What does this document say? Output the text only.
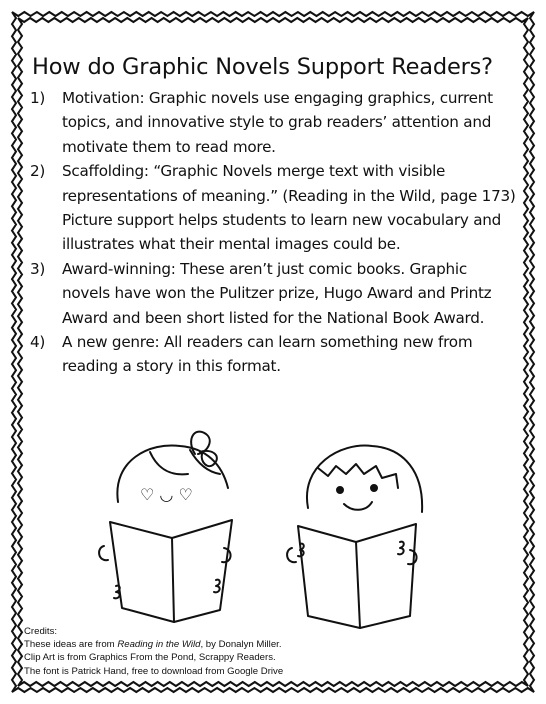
How do Graphic Novels Support Readers?
1) Motivation: Graphic novels use engaging graphics, current topics, and innovative style to grab readers’ attention and motivate them to read more.
2) Scaffolding: “Graphic Novels merge text with visible representations of meaning.” (Reading in the Wild, page 173) Picture support helps students to learn new vocabulary and illustrates what their mental images could be.
3) Award-winning: These aren’t just comic books. Graphic novels have won the Pulitzer prize, Hugo Award and Printz Award and been short listed for the National Book Award.
4) A new genre: All readers can learn something new from reading a story in this format.
♡ ◡ ♡
Credits:
These ideas are from Reading in the Wild, by Donalyn Miller.
Clip Art is from Graphics From the Pond, Scrappy Readers.
The font is Patrick Hand, free to download from Google Drive
